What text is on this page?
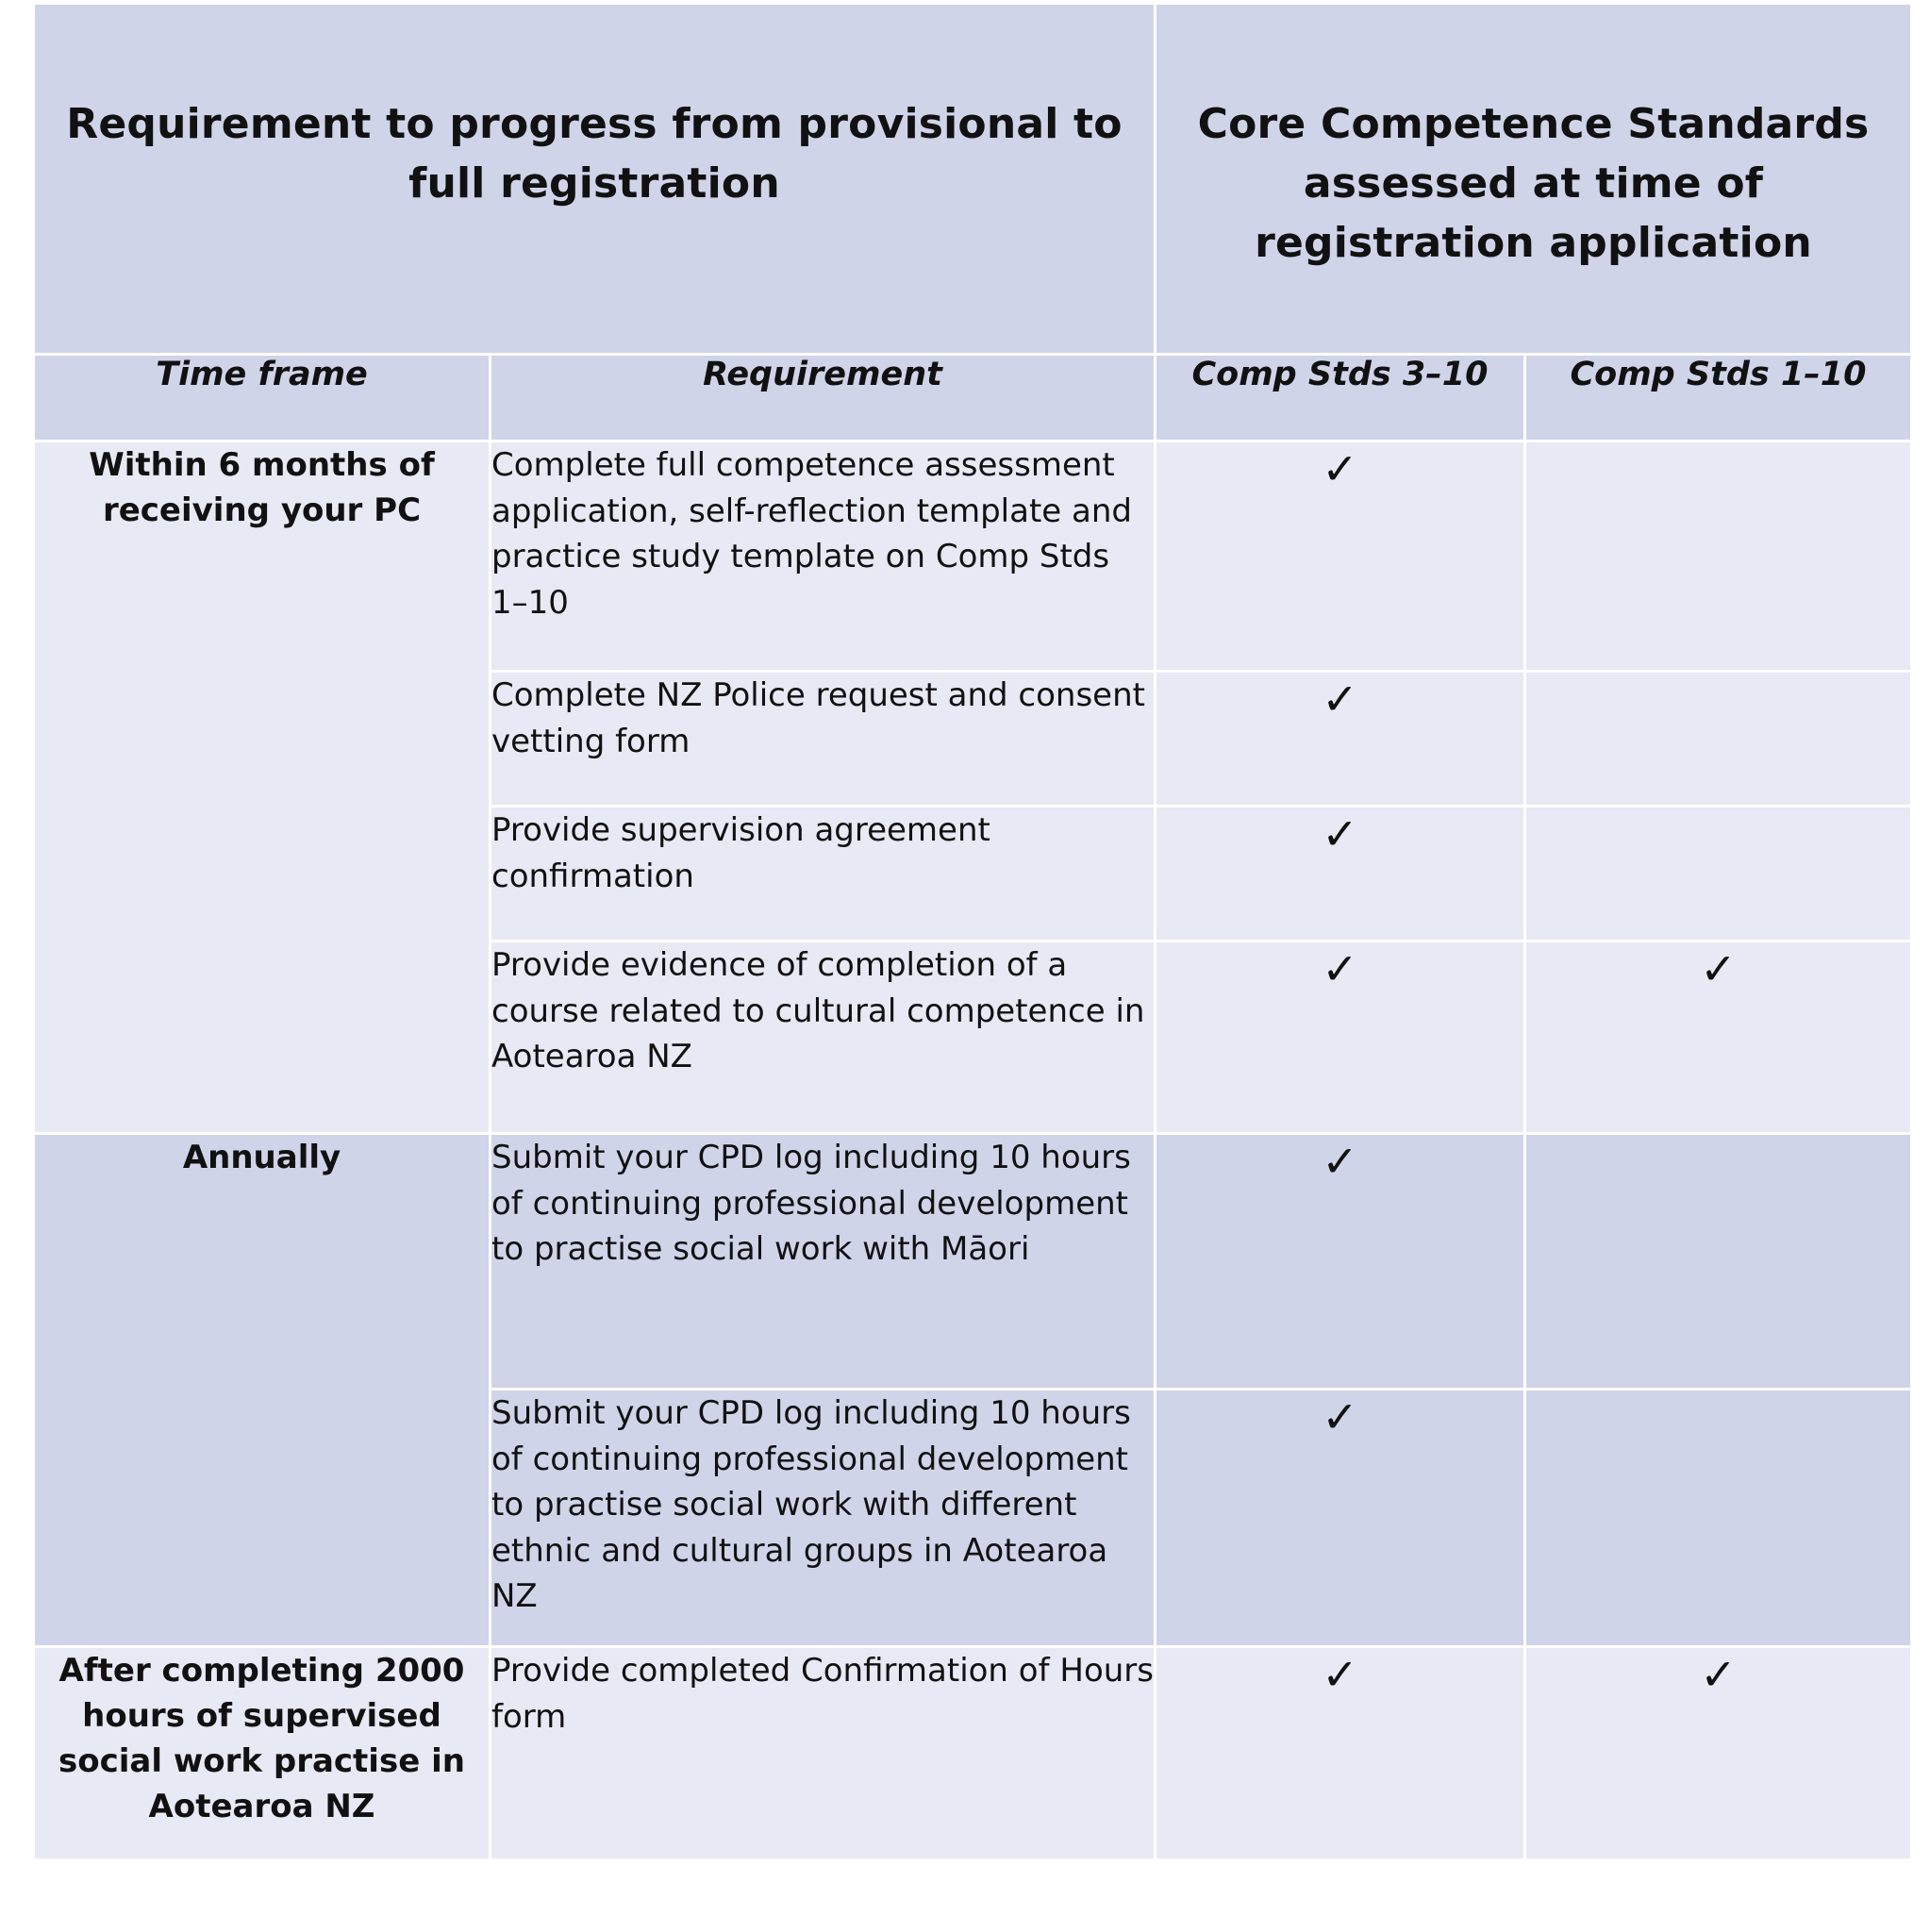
Requirement to progress from provisional to full registration		Core Competence Standards assessed at time of registration application	

Time frame	Requirement	Comp Stds 3–10	Comp Stds 1–10
Within 6 months of receiving your PC	Complete full competence assessment application, self-reflection template and practice study template on Comp Stds 1–10	✓	
	Complete NZ Police request and consent vetting form	✓	
	Provide supervision agreement confirmation	✓	
	Provide evidence of completion of a course related to cultural competence in Aotearoa NZ	✓	✓
Annually	Submit your CPD log including 10 hours of continuing professional development to practise social work with Māori	✓	
	Submit your CPD log including 10 hours of continuing professional development to practise social work with different ethnic and cultural groups in Aotearoa NZ	✓	
After completing 2000 hours of supervised social work practise in Aotearoa NZ	Provide completed Confirmation of Hours form	✓	✓
